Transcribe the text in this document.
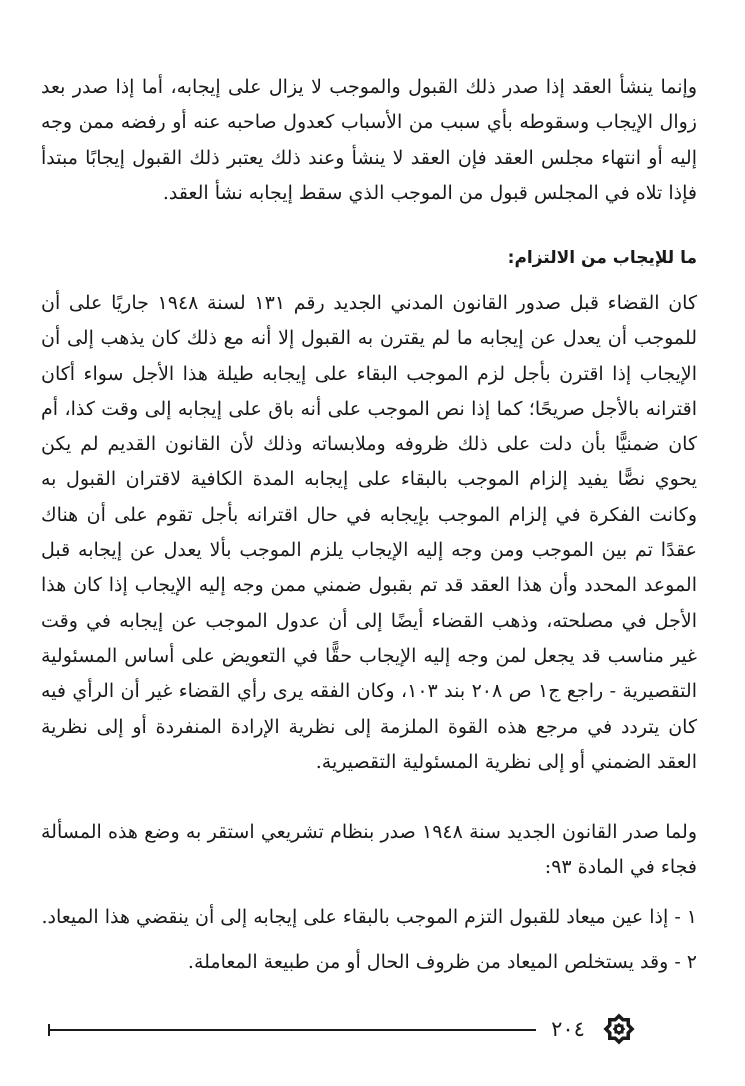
وإنما ينشأ العقد إذا صدر ذلك القبول والموجب لا يزال على إيجابه، أما إذا صدر بعد زوال الإيجاب وسقوطه بأي سبب من الأسباب كعدول صاحبه عنه أو رفضه ممن وجه إليه أو انتهاء مجلس العقد فإن العقد لا ينشأ وعند ذلك يعتبر ذلك القبول إيجابًا مبتدأ فإذا تلاه في المجلس قبول من الموجب الذي سقط إيجابه نشأ العقد.

ما للإيجاب من الالتزام:

كان القضاء قبل صدور القانون المدني الجديد رقم ١٣١ لسنة ١٩٤٨ جاريًا على أن للموجب أن يعدل عن إيجابه ما لم يقترن به القبول إلا أنه مع ذلك كان يذهب إلى أن الإيجاب إذا اقترن بأجل لزم الموجب البقاء على إيجابه طيلة هذا الأجل سواء أكان اقترانه بالأجل صريحًا؛ كما إذا نص الموجب على أنه باق على إيجابه إلى وقت كذا، أم كان ضمنيًّا بأن دلت على ذلك ظروفه وملابساته وذلك لأن القانون القديم لم يكن يحوي نصًّا يفيد إلزام الموجب بالبقاء على إيجابه المدة الكافية لاقتران القبول به وكانت الفكرة في إلزام الموجب بإيجابه في حال اقترانه بأجل تقوم على أن هناك عقدًا تم بين الموجب ومن وجه إليه الإيجاب يلزم الموجب بألا يعدل عن إيجابه قبل الموعد المحدد وأن هذا العقد قد تم بقبول ضمني ممن وجه إليه الإيجاب إذا كان هذا الأجل في مصلحته، وذهب القضاء أيضًا إلى أن عدول الموجب عن إيجابه في وقت غير مناسب قد يجعل لمن وجه إليه الإيجاب حقًّا في التعويض على أساس المسئولية التقصيرية - راجع ج١ ص ٢٠٨ بند ١٠٣، وكان الفقه يرى رأي القضاء غير أن الرأي فيه كان يتردد في مرجع هذه القوة الملزمة إلى نظرية الإرادة المنفردة أو إلى نظرية العقد الضمني أو إلى نظرية المسئولية التقصيرية.

ولما صدر القانون الجديد سنة ١٩٤٨ صدر بنظام تشريعي استقر به وضع هذه المسألة فجاء في المادة ٩٣:

١ - إذا عين ميعاد للقبول التزم الموجب بالبقاء على إيجابه إلى أن ينقضي هذا الميعاد.

٢ - وقد يستخلص الميعاد من ظروف الحال أو من طبيعة المعاملة.

٢٠٤
